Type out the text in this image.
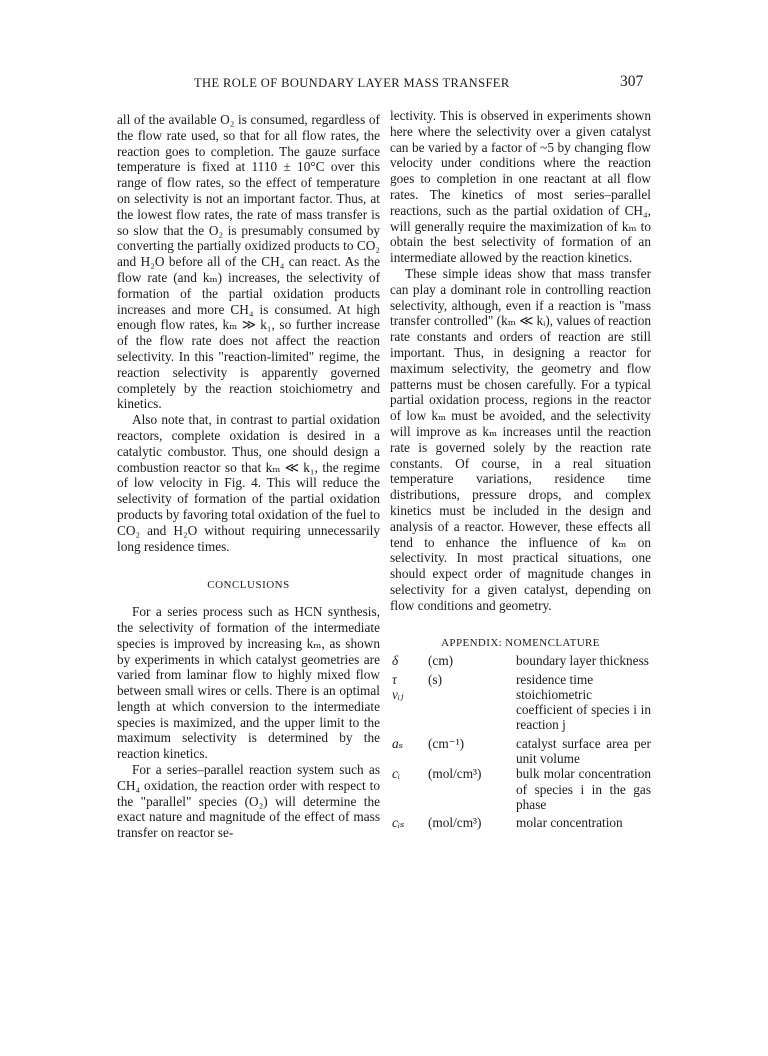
THE ROLE OF BOUNDARY LAYER MASS TRANSFER	307

all of the available O₂ is consumed, regardless of the flow rate used, so that for all flow rates, the reaction goes to completion. The gauze surface temperature is fixed at 1110 ± 10°C over this range of flow rates, so the effect of temperature on selectivity is not an important factor. Thus, at the lowest flow rates, the rate of mass transfer is so slow that the O₂ is presumably consumed by converting the partially oxidized products to CO₂ and H₂O before all of the CH₄ can react. As the flow rate (and kₘ) increases, the selectivity of formation of the partial oxidation products increases and more CH₄ is consumed. At high enough flow rates, kₘ ≫ k₁, so further increase of the flow rate does not affect the reaction selectivity. In this "reaction-limited" regime, the reaction selectivity is apparently governed completely by the reaction stoichiometry and kinetics.

Also note that, in contrast to partial oxidation reactors, complete oxidation is desired in a catalytic combustor. Thus, one should design a combustion reactor so that kₘ ≪ k₁, the regime of low velocity in Fig. 4. This will reduce the selectivity of formation of the partial oxidation products by favoring total oxidation of the fuel to CO₂ and H₂O without requiring unnecessarily long residence times.

CONCLUSIONS

For a series process such as HCN synthesis, the selectivity of formation of the intermediate species is improved by increasing kₘ, as shown by experiments in which catalyst geometries are varied from laminar flow to highly mixed flow between small wires or cells. There is an optimal length at which conversion to the intermediate species is maximized, and the upper limit to the maximum selectivity is determined by the reaction kinetics.

For a series–parallel reaction system such as CH₄ oxidation, the reaction order with respect to the "parallel" species (O₂) will determine the exact nature and magnitude of the effect of mass transfer on reactor se-

lectivity. This is observed in experiments shown here where the selectivity over a given catalyst can be varied by a factor of ~5 by changing flow velocity under conditions where the reaction goes to completion in one reactant at all flow rates. The kinetics of most series–parallel reactions, such as the partial oxidation of CH₄, will generally require the maximization of kₘ to obtain the best selectivity of formation of an intermediate allowed by the reaction kinetics.

These simple ideas show that mass transfer can play a dominant role in controlling reaction selectivity, although, even if a reaction is "mass transfer controlled" (kₘ ≪ kᵢ), values of reaction rate constants and orders of reaction are still important. Thus, in designing a reactor for maximum selectivity, the geometry and flow patterns must be chosen carefully. For a typical partial oxidation process, regions in the reactor of low kₘ must be avoided, and the selectivity will improve as kₘ increases until the reaction rate is governed solely by the reaction rate constants. Of course, in a real situation temperature variations, residence time distributions, pressure drops, and complex kinetics must be included in the design and analysis of a reactor. However, these effects all tend to enhance the influence of kₘ on selectivity. In most practical situations, one should expect order of magnitude changes in selectivity for a given catalyst, depending on flow conditions and geometry.

APPENDIX: NOMENCLATURE
δ	(cm)	boundary layer thickness
τ	(s)	residence time
νᵢⱼ		stoichiometric coefficient of species i in reaction j
aₛ	(cm⁻¹)	catalyst surface area per unit volume
cᵢ	(mol/cm³)	bulk molar concentration of species i in the gas phase
cᵢₛ	(mol/cm³)	molar concentration
